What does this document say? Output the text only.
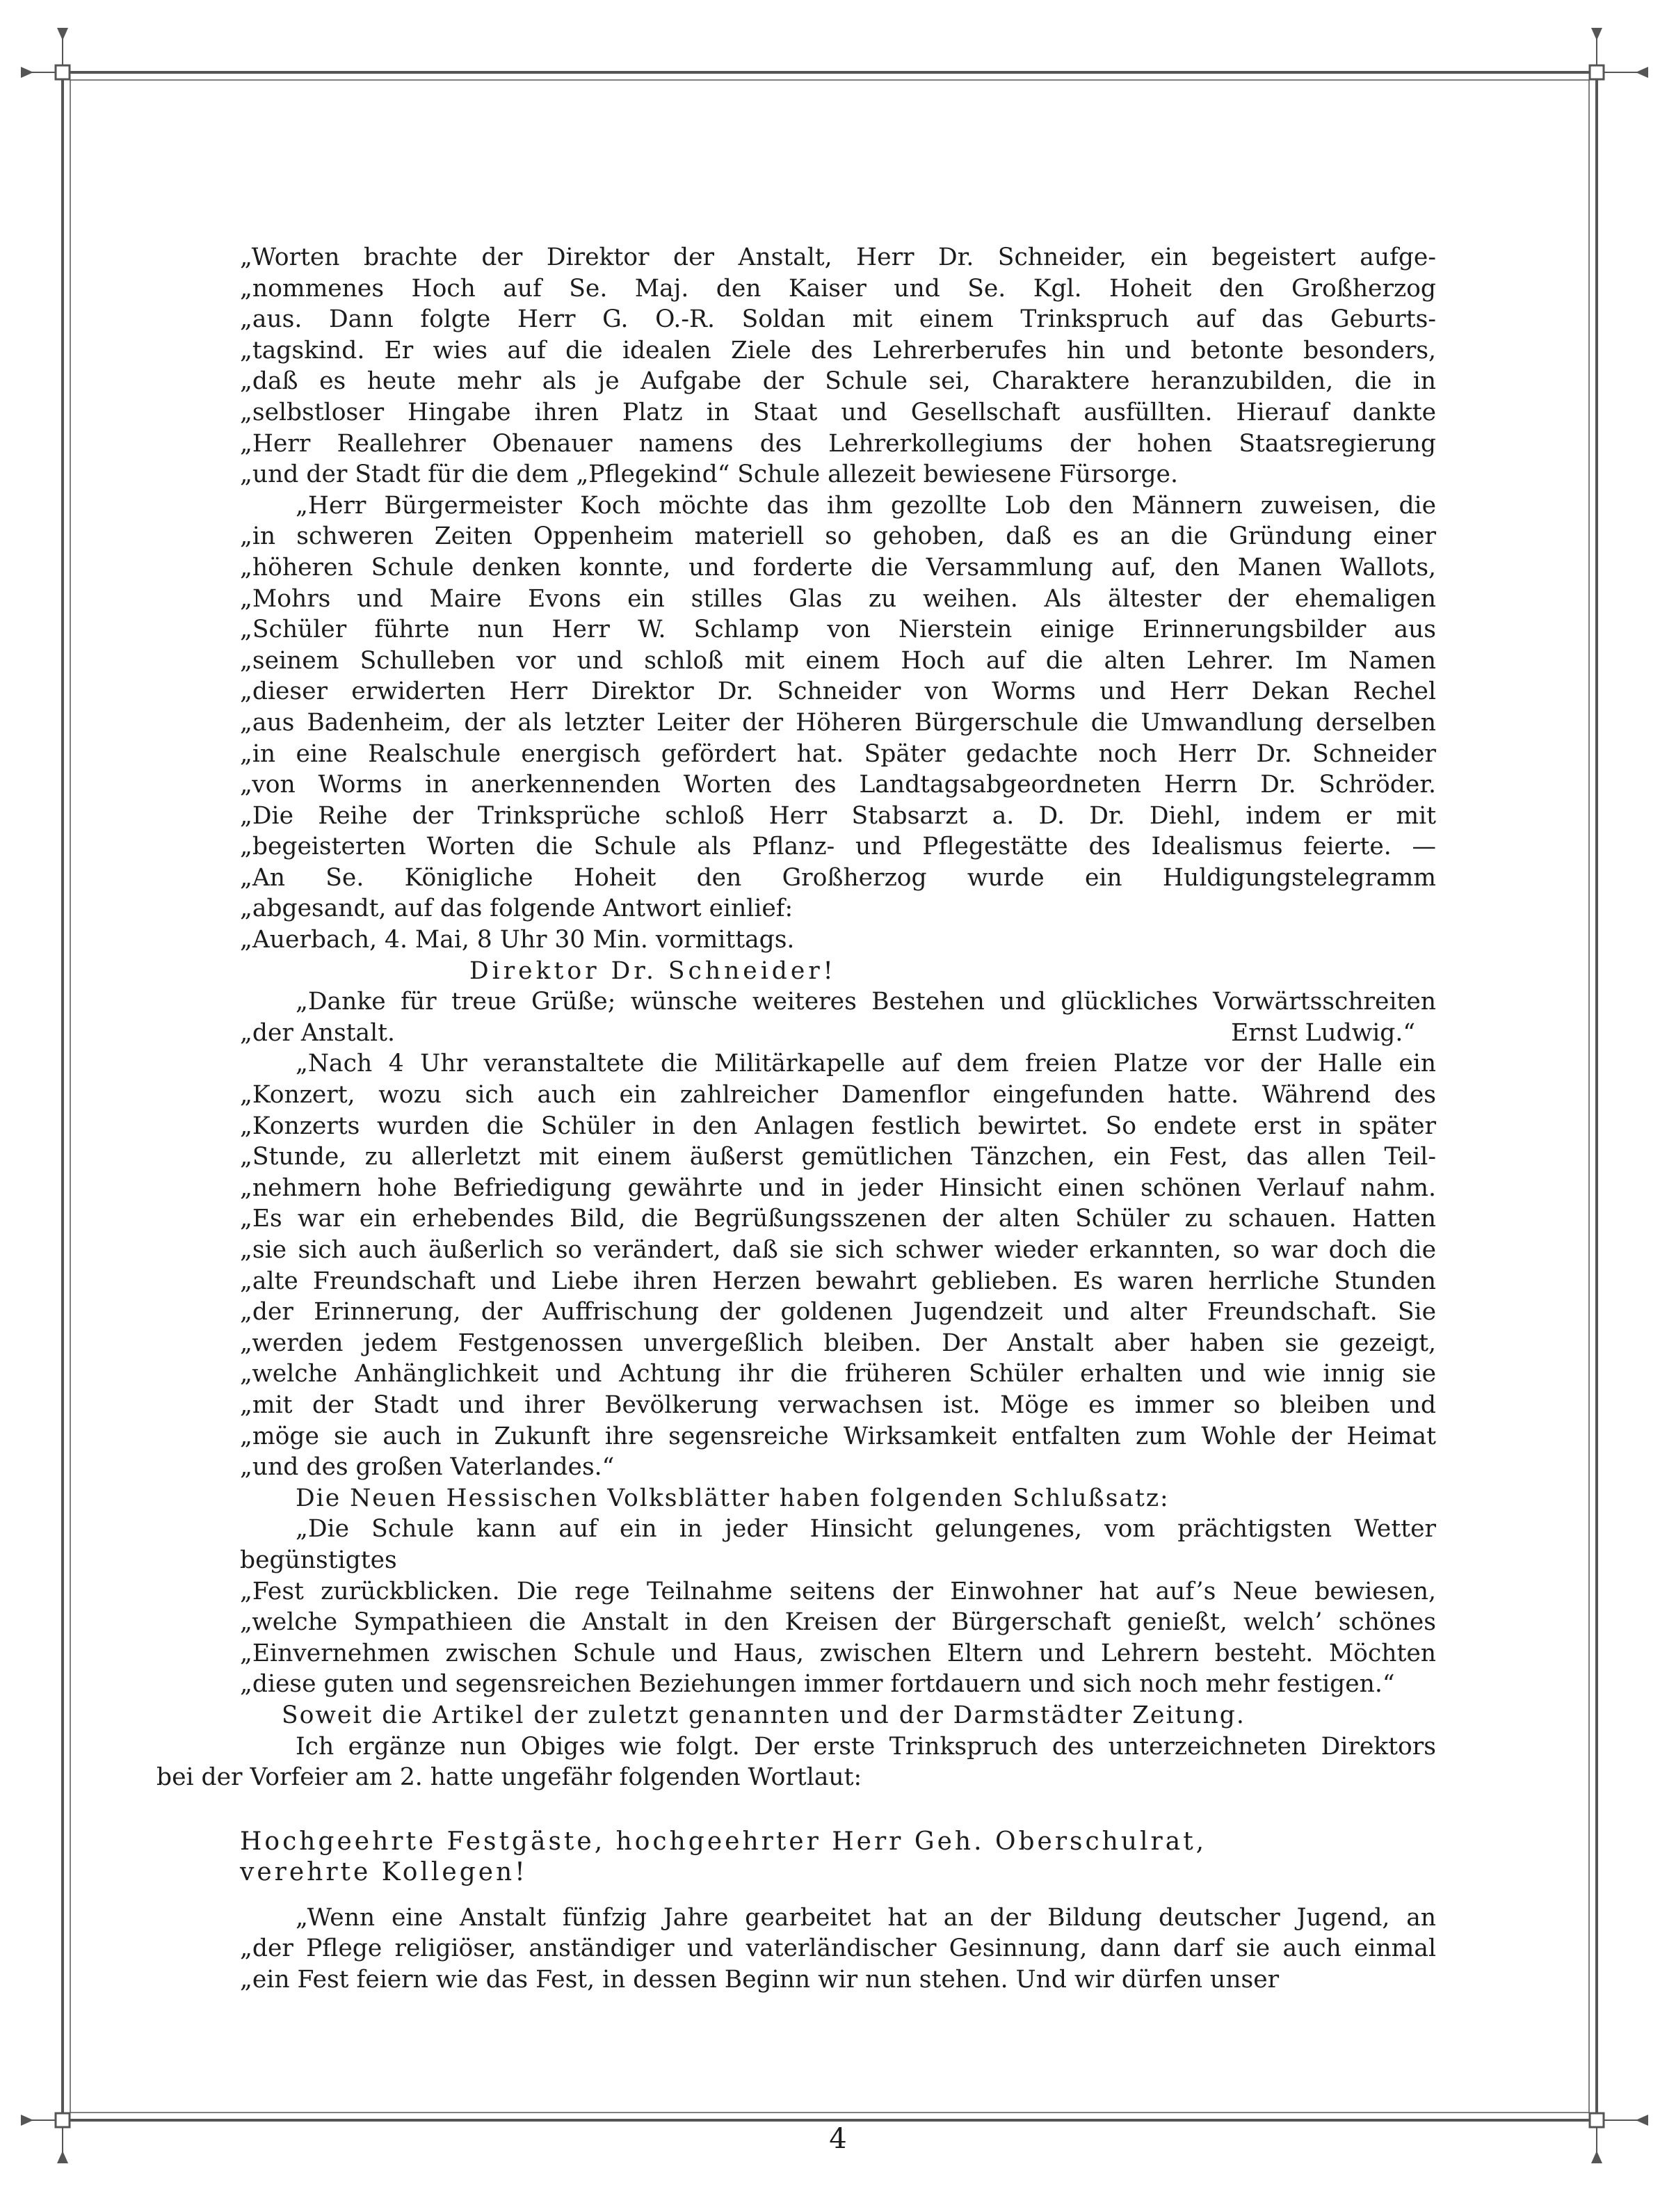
„Worten brachte der Direktor der Anstalt, Herr Dr. Schneider, ein begeistert aufge-

„nommenes Hoch auf Se. Maj. den Kaiser und Se. Kgl. Hoheit den Großherzog

„aus. Dann folgte Herr G. O.-R. Soldan mit einem Trinkspruch auf das Geburts-

„tagskind. Er wies auf die idealen Ziele des Lehrerberufes hin und betonte besonders,

„daß es heute mehr als je Aufgabe der Schule sei, Charaktere heranzubilden, die in

„selbstloser Hingabe ihren Platz in Staat und Gesellschaft ausfüllten. Hierauf dankte

„Herr Reallehrer Obenauer namens des Lehrerkollegiums der hohen Staatsregierung

„und der Stadt für die dem „Pflegekind“ Schule allezeit bewiesene Fürsorge.

„Herr Bürgermeister Koch möchte das ihm gezollte Lob den Männern zuweisen, die

„in schweren Zeiten Oppenheim materiell so gehoben, daß es an die Gründung einer

„höheren Schule denken konnte, und forderte die Versammlung auf, den Manen Wallots,

„Mohrs und Maire Evons ein stilles Glas zu weihen. Als ältester der ehemaligen

„Schüler führte nun Herr W. Schlamp von Nierstein einige Erinnerungsbilder aus

„seinem Schulleben vor und schloß mit einem Hoch auf die alten Lehrer. Im Namen

„dieser erwiderten Herr Direktor Dr. Schneider von Worms und Herr Dekan Rechel

„aus Badenheim, der als letzter Leiter der Höheren Bürgerschule die Umwandlung derselben

„in eine Realschule energisch gefördert hat. Später gedachte noch Herr Dr. Schneider

„von Worms in anerkennenden Worten des Landtagsabgeordneten Herrn Dr. Schröder.

„Die Reihe der Trinksprüche schloß Herr Stabsarzt a. D. Dr. Diehl, indem er mit

„begeisterten Worten die Schule als Pflanz- und Pflegestätte des Idealismus feierte. —

„An Se. Königliche Hoheit den Großherzog wurde ein Huldigungstelegramm

„abgesandt, auf das folgende Antwort einlief:

„Auerbach, 4. Mai, 8 Uhr 30 Min. vormittags.

Direktor Dr. Schneider!

„Danke für treue Grüße; wünsche weiteres Bestehen und glückliches Vorwärtsschreiten

„der Anstalt.	Ernst Ludwig.“

„Nach 4 Uhr veranstaltete die Militärkapelle auf dem freien Platze vor der Halle ein

„Konzert, wozu sich auch ein zahlreicher Damenflor eingefunden hatte. Während des

„Konzerts wurden die Schüler in den Anlagen festlich bewirtet. So endete erst in später

„Stunde, zu allerletzt mit einem äußerst gemütlichen Tänzchen, ein Fest, das allen Teil-

„nehmern hohe Befriedigung gewährte und in jeder Hinsicht einen schönen Verlauf nahm.

„Es war ein erhebendes Bild, die Begrüßungsszenen der alten Schüler zu schauen. Hatten

„sie sich auch äußerlich so verändert, daß sie sich schwer wieder erkannten, so war doch die

„alte Freundschaft und Liebe ihren Herzen bewahrt geblieben. Es waren herrliche Stunden

„der Erinnerung, der Auffrischung der goldenen Jugendzeit und alter Freundschaft. Sie

„werden jedem Festgenossen unvergeßlich bleiben. Der Anstalt aber haben sie gezeigt,

„welche Anhänglichkeit und Achtung ihr die früheren Schüler erhalten und wie innig sie

„mit der Stadt und ihrer Bevölkerung verwachsen ist. Möge es immer so bleiben und

„möge sie auch in Zukunft ihre segensreiche Wirksamkeit entfalten zum Wohle der Heimat

„und des großen Vaterlandes.“

Die Neuen Hessischen Volksblätter haben folgenden Schlußsatz:

„Die Schule kann auf ein in jeder Hinsicht gelungenes, vom prächtigsten Wetter begünstigtes

„Fest zurückblicken. Die rege Teilnahme seitens der Einwohner hat auf’s Neue bewiesen,

„welche Sympathieen die Anstalt in den Kreisen der Bürgerschaft genießt, welch’ schönes

„Einvernehmen zwischen Schule und Haus, zwischen Eltern und Lehrern besteht. Möchten

„diese guten und segensreichen Beziehungen immer fortdauern und sich noch mehr festigen.“

Soweit die Artikel der zuletzt genannten und der Darmstädter Zeitung.

Ich ergänze nun Obiges wie folgt. Der erste Trinkspruch des unterzeichneten Direktors

bei der Vorfeier am 2. hatte ungefähr folgenden Wortlaut:

Hochgeehrte Festgäste, hochgeehrter Herr Geh. Oberschulrat,

verehrte Kollegen!

„Wenn eine Anstalt fünfzig Jahre gearbeitet hat an der Bildung deutscher Jugend, an

„der Pflege religiöser, anständiger und vaterländischer Gesinnung, dann darf sie auch einmal

„ein Fest feiern wie das Fest, in dessen Beginn wir nun stehen. Und wir dürfen unser

4
